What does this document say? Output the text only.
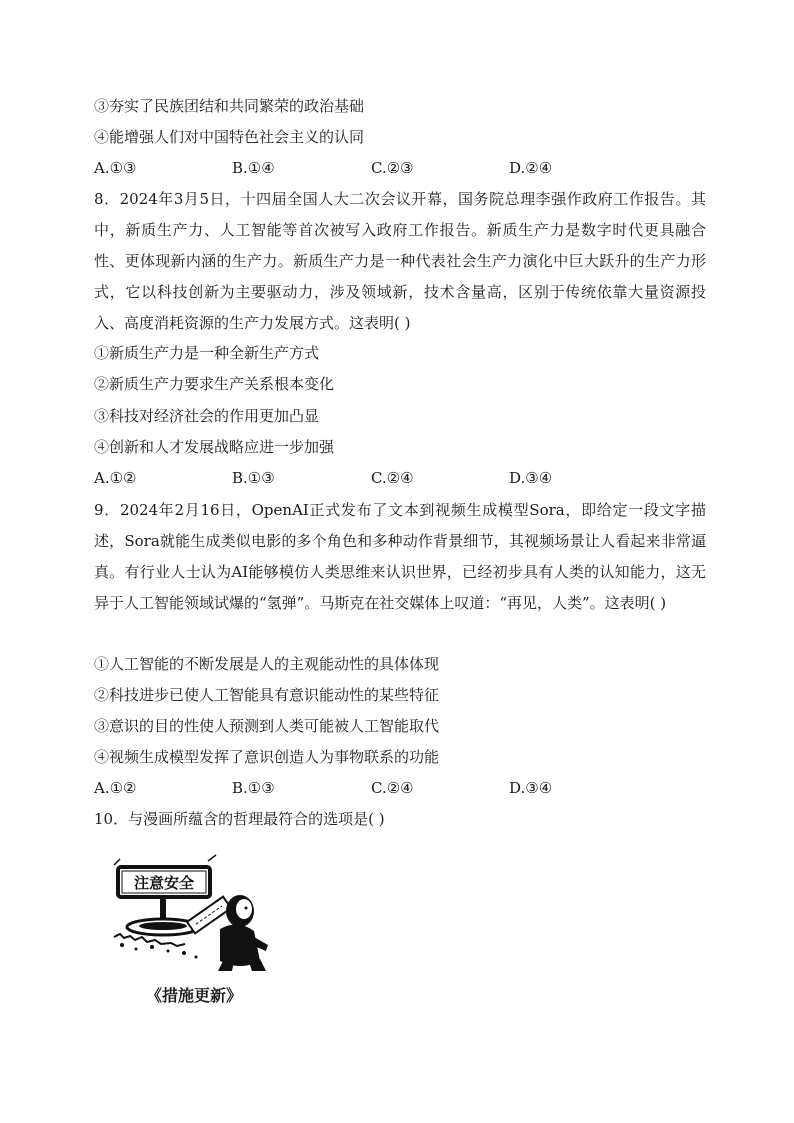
③夯实了民族团结和共同繁荣的政治基础
④能增强人们对中国特色社会主义的认同
A.①③	B.①④	C.②③	D.②④
8．2024年3月5日，十四届全国人大二次会议开幕，国务院总理李强作政府工作报告。其中，新质生产力、人工智能等首次被写入政府工作报告。新质生产力是数字时代更具融合性、更体现新内涵的生产力。新质生产力是一种代表社会生产力演化中巨大跃升的生产力形式，它以科技创新为主要驱动力，涉及领域新，技术含量高，区别于传统依靠大量资源投入、高度消耗资源的生产力发展方式。这表明( )
①新质生产力是一种全新生产方式
②新质生产力要求生产关系根本变化
③科技对经济社会的作用更加凸显
④创新和人才发展战略应进一步加强
A.①②	B.①③	C.②④	D.③④
9．2024年2月16日，OpenAI正式发布了文本到视频生成模型Sora，即给定一段文字描述，Sora就能生成类似电影的多个角色和多种动作背景细节，其视频场景让人看起来非常逼真。有行业人士认为AI能够模仿人类思维来认识世界，已经初步具有人类的认知能力，这无异于人工智能领域试爆的“氢弹”。马斯克在社交媒体上叹道：“再见，人类”。这表明( )
①人工智能的不断发展是人的主观能动性的具体体现
②科技进步已使人工智能具有意识能动性的某些特征
③意识的目的性使人预测到人类可能被人工智能取代
④视频生成模型发挥了意识创造人为事物联系的功能
A.①②	B.①③	C.②④	D.③④
10．与漫画所蕴含的哲理最符合的选项是( )
注意安全
《措施更新》
